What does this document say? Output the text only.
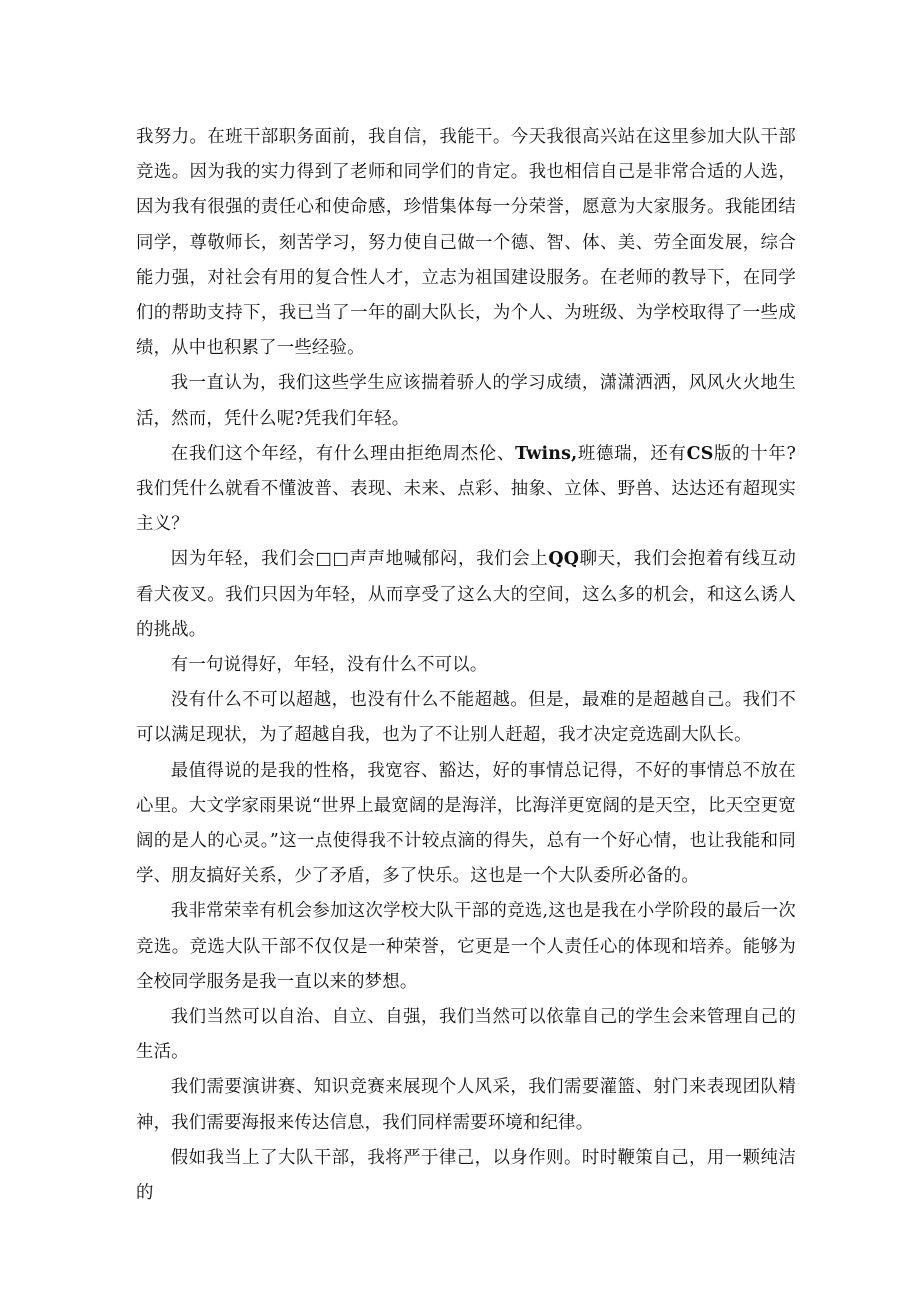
我努力。在班干部职务面前，我自信，我能干。今天我很高兴站在这里参加大队干部竞选。因为我的实力得到了老师和同学们的肯定。我也相信自己是非常合适的人选，因为我有很强的责任心和使命感，珍惜集体每一分荣誉，愿意为大家服务。我能团结同学，尊敬师长，刻苦学习，努力使自己做一个德、智、体、美、劳全面发展，综合能力强，对社会有用的复合性人才，立志为祖国建设服务。在老师的教导下，在同学们的帮助支持下，我已当了一年的副大队长，为个人、为班级、为学校取得了一些成绩，从中也积累了一些经验。

我一直认为，我们这些学生应该揣着骄人的学习成绩，潇潇洒洒，风风火火地生活，然而，凭什么呢?凭我们年轻。

在我们这个年经，有什么理由拒绝周杰伦、Twins,班德瑞，还有CS版的十年?我们凭什么就看不懂波普、表现、未来、点彩、抽象、立体、野兽、达达还有超现实主义？

因为年轻，我们会□□声声地喊郁闷，我们会上QQ聊天，我们会抱着有线互动看犬夜叉。我们只因为年轻，从而享受了这么大的空间，这么多的机会，和这么诱人的挑战。

有一句说得好，年轻，没有什么不可以。

没有什么不可以超越，也没有什么不能超越。但是，最难的是超越自己。我们不可以满足现状，为了超越自我，也为了不让别人赶超，我才决定竞选副大队长。

最值得说的是我的性格，我宽容、豁达，好的事情总记得，不好的事情总不放在心里。大文学家雨果说“世界上最宽阔的是海洋，比海洋更宽阔的是天空，比天空更宽阔的是人的心灵。”这一点使得我不计较点滴的得失，总有一个好心情，也让我能和同学、朋友搞好关系，少了矛盾，多了快乐。这也是一个大队委所必备的。

我非常荣幸有机会参加这次学校大队干部的竞选,这也是我在小学阶段的最后一次竞选。竞选大队干部不仅仅是一种荣誉，它更是一个人责任心的体现和培养。能够为全校同学服务是我一直以来的梦想。

我们当然可以自治、自立、自强，我们当然可以依靠自己的学生会来管理自己的生活。

我们需要演讲赛、知识竞赛来展现个人风采，我们需要灌篮、射门来表现团队精神，我们需要海报来传达信息，我们同样需要环境和纪律。

假如我当上了大队干部，我将严于律己，以身作则。时时鞭策自己，用一颗纯洁的
